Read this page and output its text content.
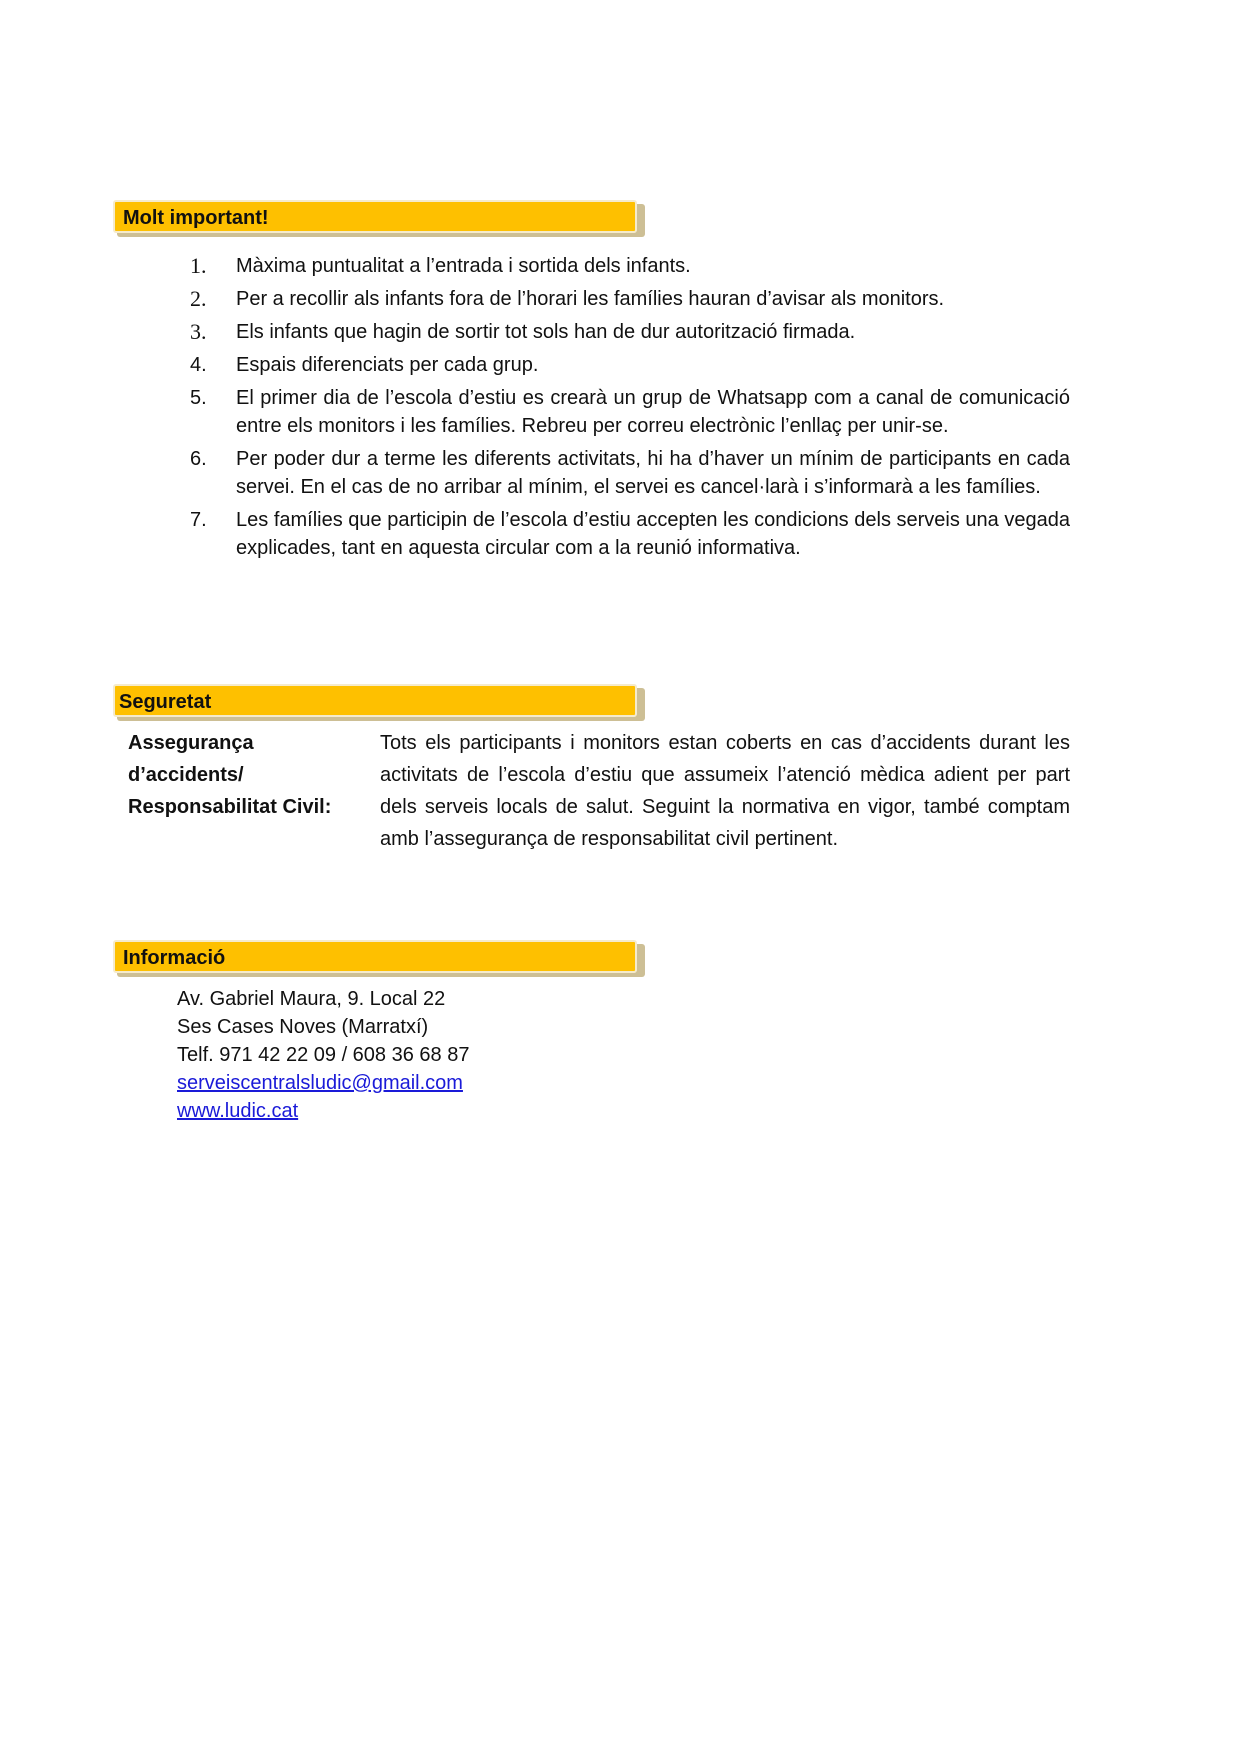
Molt important!
1.	Màxima puntualitat a l’entrada i sortida dels infants.
2.	Per a recollir als infants fora de l’horari les famílies hauran d’avisar als monitors.
3.	Els infants que hagin de sortir tot sols han de dur autorització firmada.
4.	Espais diferenciats per cada grup.
5.	El primer dia de l’escola d’estiu es crearà un grup de Whatsapp com a canal de comunicació entre els monitors i les famílies. Rebreu per correu electrònic l’enllaç per unir-se.
6.	Per poder dur a terme les diferents activitats, hi ha d’haver un mínim de participants en cada servei. En el cas de no arribar al mínim, el servei es cancel·larà i s’informarà a les famílies.
7.	Les famílies que participin de l’escola d’estiu accepten les condicions dels serveis una vegada explicades, tant en aquesta circular com a la reunió informativa.
Seguretat
Assegurança
d’accidents/
Responsabilitat Civil:
Tots els participants i monitors estan coberts en cas d’accidents durant les activitats de l’escola d’estiu que assumeix l’atenció mèdica adient per part dels serveis locals de salut. Seguint la normativa en vigor, també comptam amb l’assegurança de responsabilitat civil pertinent.
Informació
Av. Gabriel Maura, 9. Local 22
Ses Cases Noves (Marratxí)
Telf. 971 42 22 09 / 608 36 68 87
serveiscentralsludic@gmail.com
www.ludic.cat
